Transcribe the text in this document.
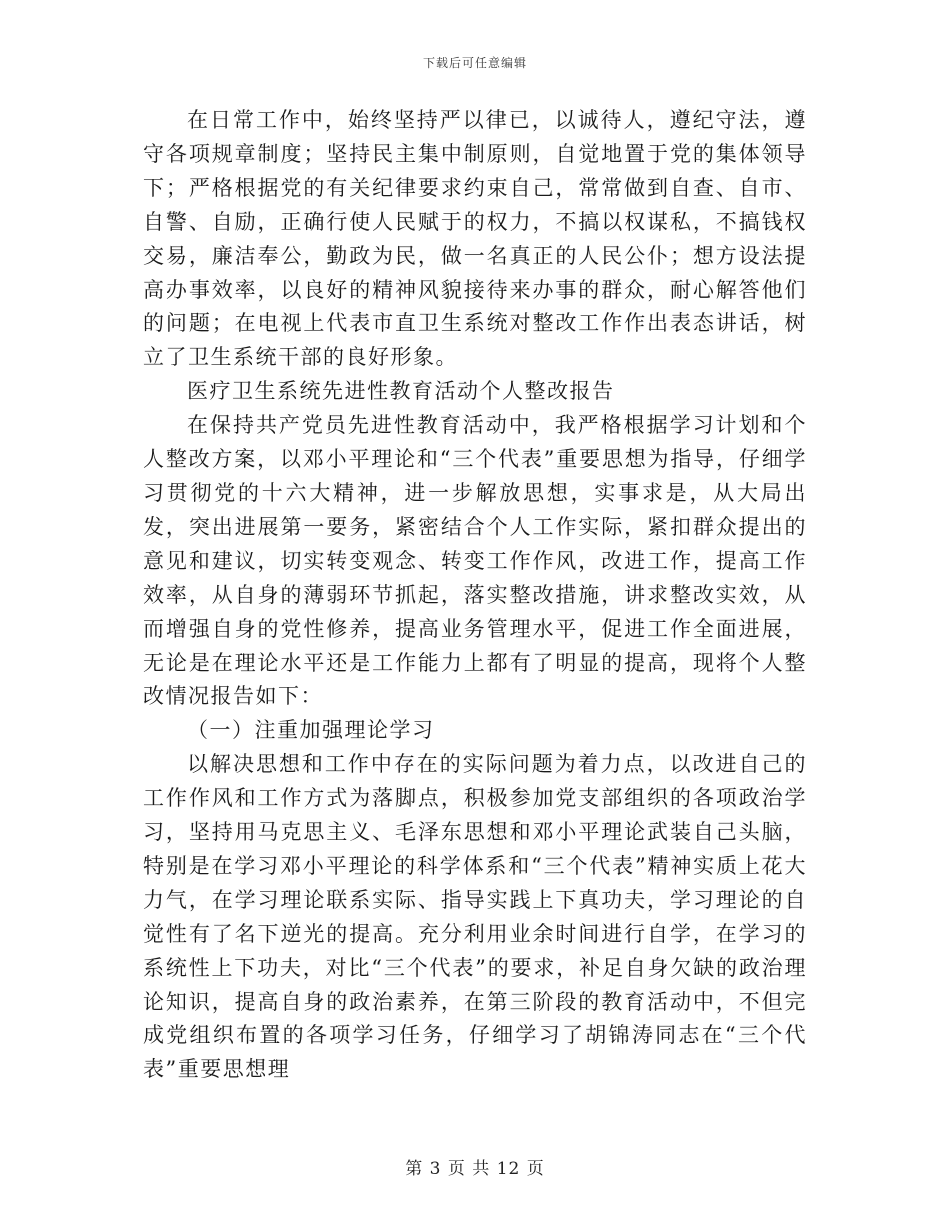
下载后可任意编辑

在日常工作中，始终坚持严以律已，以诚待人，遵纪守法，遵守各项规章制度；坚持民主集中制原则，自觉地置于党的集体领导下；严格根据党的有关纪律要求约束自己，常常做到自查、自市、自警、自励，正确行使人民赋于的权力，不搞以权谋私，不搞钱权交易，廉洁奉公，勤政为民，做一名真正的人民公仆；想方设法提高办事效率，以良好的精神风貌接待来办事的群众，耐心解答他们的问题；在电视上代表市直卫生系统对整改工作作出表态讲话，树立了卫生系统干部的良好形象。

医疗卫生系统先进性教育活动个人整改报告

在保持共产党员先进性教育活动中，我严格根据学习计划和个人整改方案，以邓小平理论和“三个代表”重要思想为指导，仔细学习贯彻党的十六大精神，进一步解放思想，实事求是，从大局出发，突出进展第一要务，紧密结合个人工作实际，紧扣群众提出的意见和建议，切实转变观念、转变工作作风，改进工作，提高工作效率，从自身的薄弱环节抓起，落实整改措施，讲求整改实效，从而增强自身的党性修养，提高业务管理水平，促进工作全面进展，无论是在理论水平还是工作能力上都有了明显的提高，现将个人整改情况报告如下：

（一）注重加强理论学习

以解决思想和工作中存在的实际问题为着力点，以改进自己的工作作风和工作方式为落脚点，积极参加党支部组织的各项政治学习，坚持用马克思主义、毛泽东思想和邓小平理论武装自己头脑，特别是在学习邓小平理论的科学体系和“三个代表”精神实质上花大力气，在学习理论联系实际、指导实践上下真功夫，学习理论的自觉性有了名下逆光的提高。充分利用业余时间进行自学，在学习的系统性上下功夫，对比“三个代表”的要求，补足自身欠缺的政治理论知识，提高自身的政治素养，在第三阶段的教育活动中，不但完成党组织布置的各项学习任务，仔细学习了胡锦涛同志在“三个代表”重要思想理

第 3 页 共 12 页
